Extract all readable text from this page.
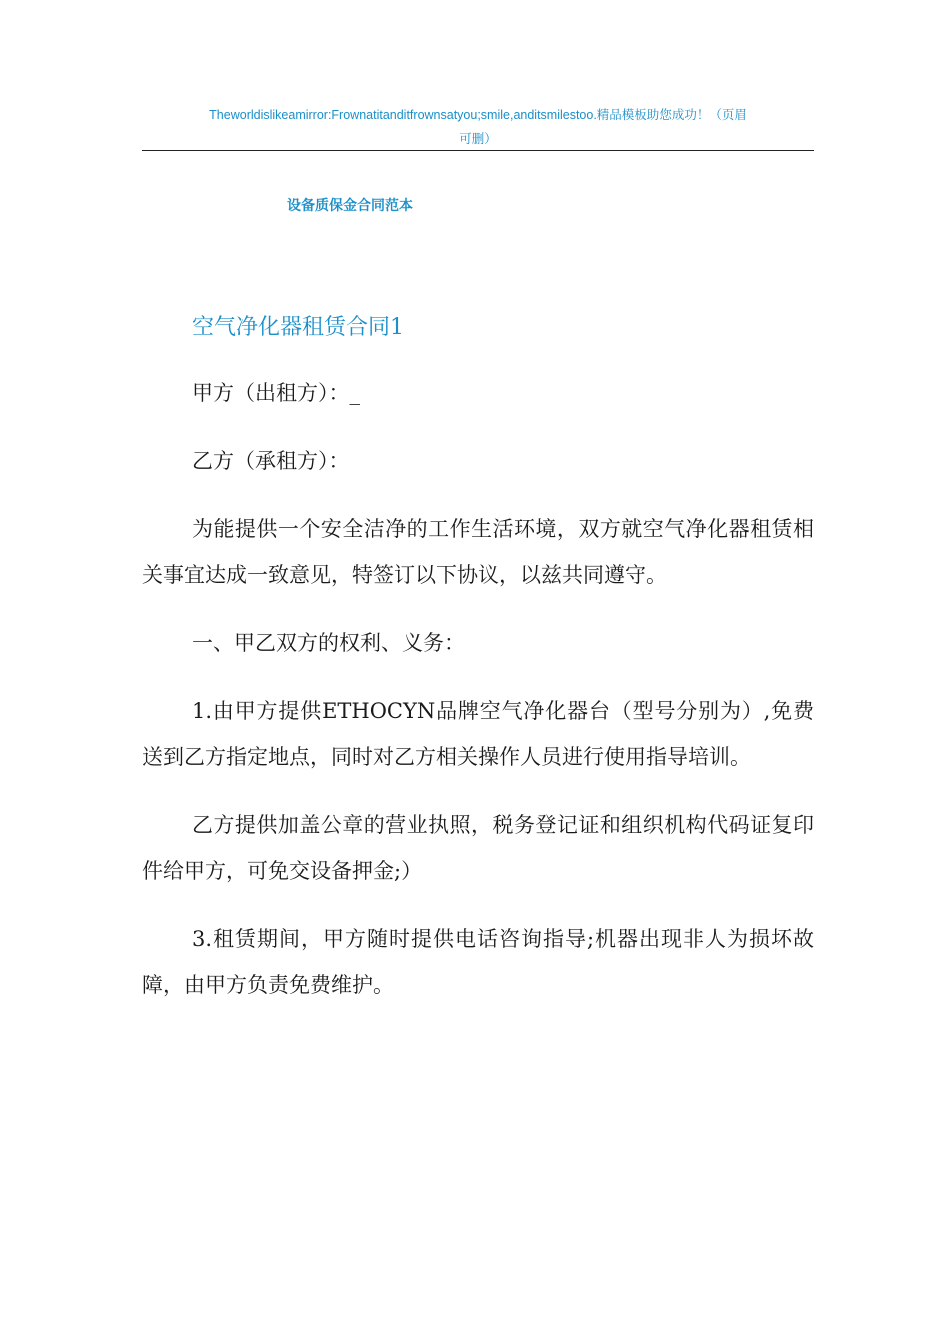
Theworldislikeamirror:Frownatitanditfrownsatyou;smile,anditsmilestoo.精品模板助您成功！（页眉
可删）
设备质保金合同范本
空气净化器租赁合同1

甲方（出租方）：_

乙方（承租方）：

为能提供一个安全洁净的工作生活环境，双方就空气净化器租赁相关事宜达成一致意见，特签订以下协议，以兹共同遵守。

一、甲乙双方的权利、义务：

1.由甲方提供ETHOCYN品牌空气净化器台（型号分别为）,免费送到乙方指定地点，同时对乙方相关操作人员进行使用指导培训。

乙方提供加盖公章的营业执照，税务登记证和组织机构代码证复印件给甲方，可免交设备押金;）

3.租赁期间，甲方随时提供电话咨询指导;机器出现非人为损坏故障，由甲方负责免费维护。
